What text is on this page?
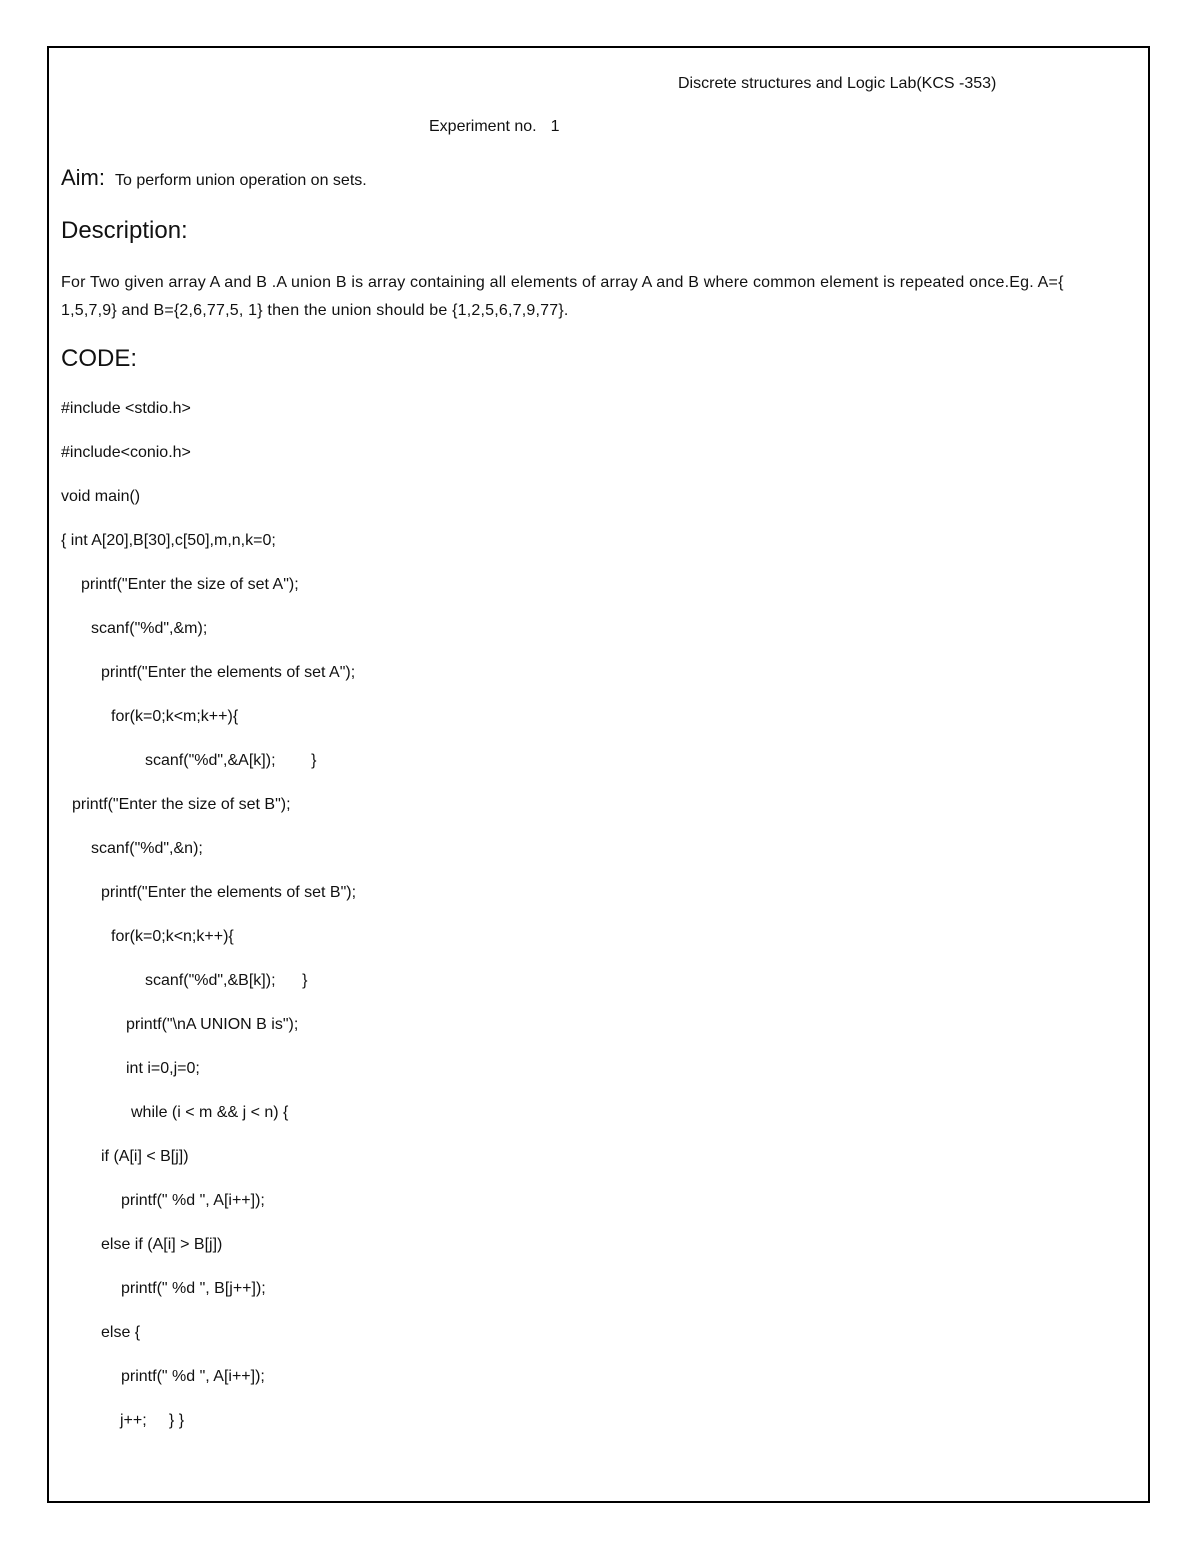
Discrete structures and Logic Lab(KCS -353)
Experiment no. 1
Aim: To perform union operation on sets.
Description:
For Two given array A and B .A union B is array containing all elements of array A and B where common element is repeated once.Eg. A={ 1,5,7,9} and B={2,6,77,5, 1} then the union should be {1,2,5,6,7,9,77}.
CODE:
#include <stdio.h>
#include<conio.h>
void main()
{ int A[20],B[30],c[50],m,n,k=0;
printf("Enter the size of set A");
scanf("%d",&m);
printf("Enter the elements of set A");
for(k=0;k<m;k++){
scanf("%d",&A[k]);        }
printf("Enter the size of set B");
scanf("%d",&n);
printf("Enter the elements of set B");
for(k=0;k<n;k++){
scanf("%d",&B[k]);      }
printf("\nA UNION B is");
int i=0,j=0;
while (i < m && j < n) {
if (A[i] < B[j])
printf(" %d ", A[i++]);
else if (A[i] > B[j])
printf(" %d ", B[j++]);
else {
printf(" %d ", A[i++]);
j++;     } }
